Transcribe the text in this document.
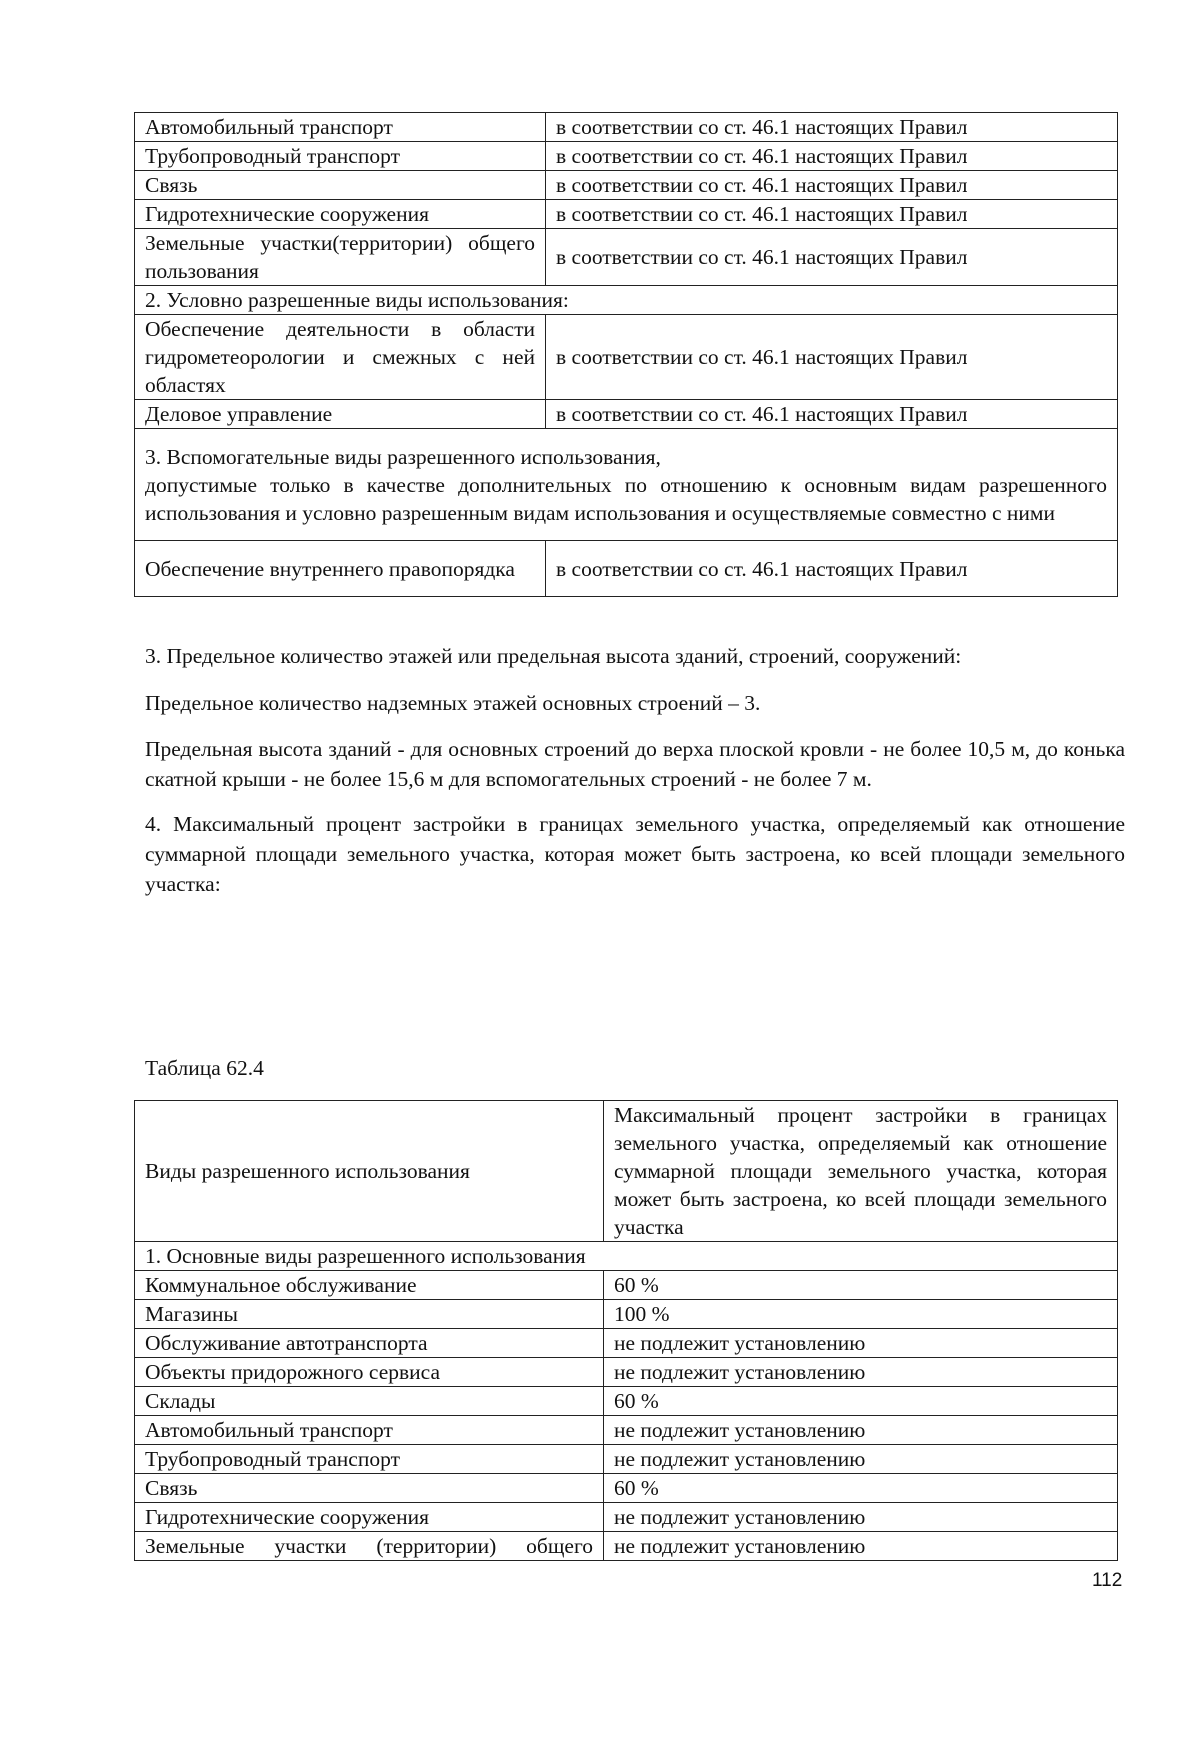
Автомобильный транспорт	в соответствии со ст. 46.1 настоящих Правил
Трубопроводный транспорт	в соответствии со ст. 46.1 настоящих Правил
Связь	в соответствии со ст. 46.1 настоящих Правил
Гидротехнические сооружения	в соответствии со ст. 46.1 настоящих Правил
Земельные участки(территории) общего пользования	в соответствии со ст. 46.1 настоящих Правил
2. Условно разрешенные виды использования:	
Обеспечение деятельности в области гидрометеорологии и смежных с ней областях	в соответствии со ст. 46.1 настоящих Правил
Деловое управление	в соответствии со ст. 46.1 настоящих Правил

3. Вспомогательные виды разрешенного использования,
допустимые только в качестве дополнительных по отношению к основным видам разрешенного использования и условно разрешенным видам использования и осуществляемые совместно с ними	

Обеспечение внутреннего правопорядка	в соответствии со ст. 46.1 настоящих Правил
3. Предельное количество этажей или предельная высота зданий, строений, сооружений:
Предельное количество надземных этажей основных строений – 3.
Предельная высота зданий - для основных строений до верха плоской кровли - не более 10,5 м, до конька скатной крыши - не более 15,6 м для вспомогательных строений - не более 7 м.
4. Максимальный процент застройки в границах земельного участка, определяемый как отношение суммарной площади земельного участка, которая может быть застроена, ко всей площади земельного участка:
Таблица 62.4
Виды разрешенного использования	Максимальный процент застройки в границах земельного участка, определяемый как отношение суммарной площади земельного участка, которая может быть застроена, ко всей площади земельного участка
1. Основные виды разрешенного использования	
Коммунальное обслуживание	60 %
Магазины	100 %
Обслуживание автотранспорта	не подлежит установлению
Объекты придорожного сервиса	не подлежит установлению
Склады	60 %
Автомобильный транспорт	не подлежит установлению
Трубопроводный транспорт	не подлежит установлению
Связь	60 %
Гидротехнические сооружения	не подлежит установлению
Земельные участки (территории) общего	не подлежит установлению
112
